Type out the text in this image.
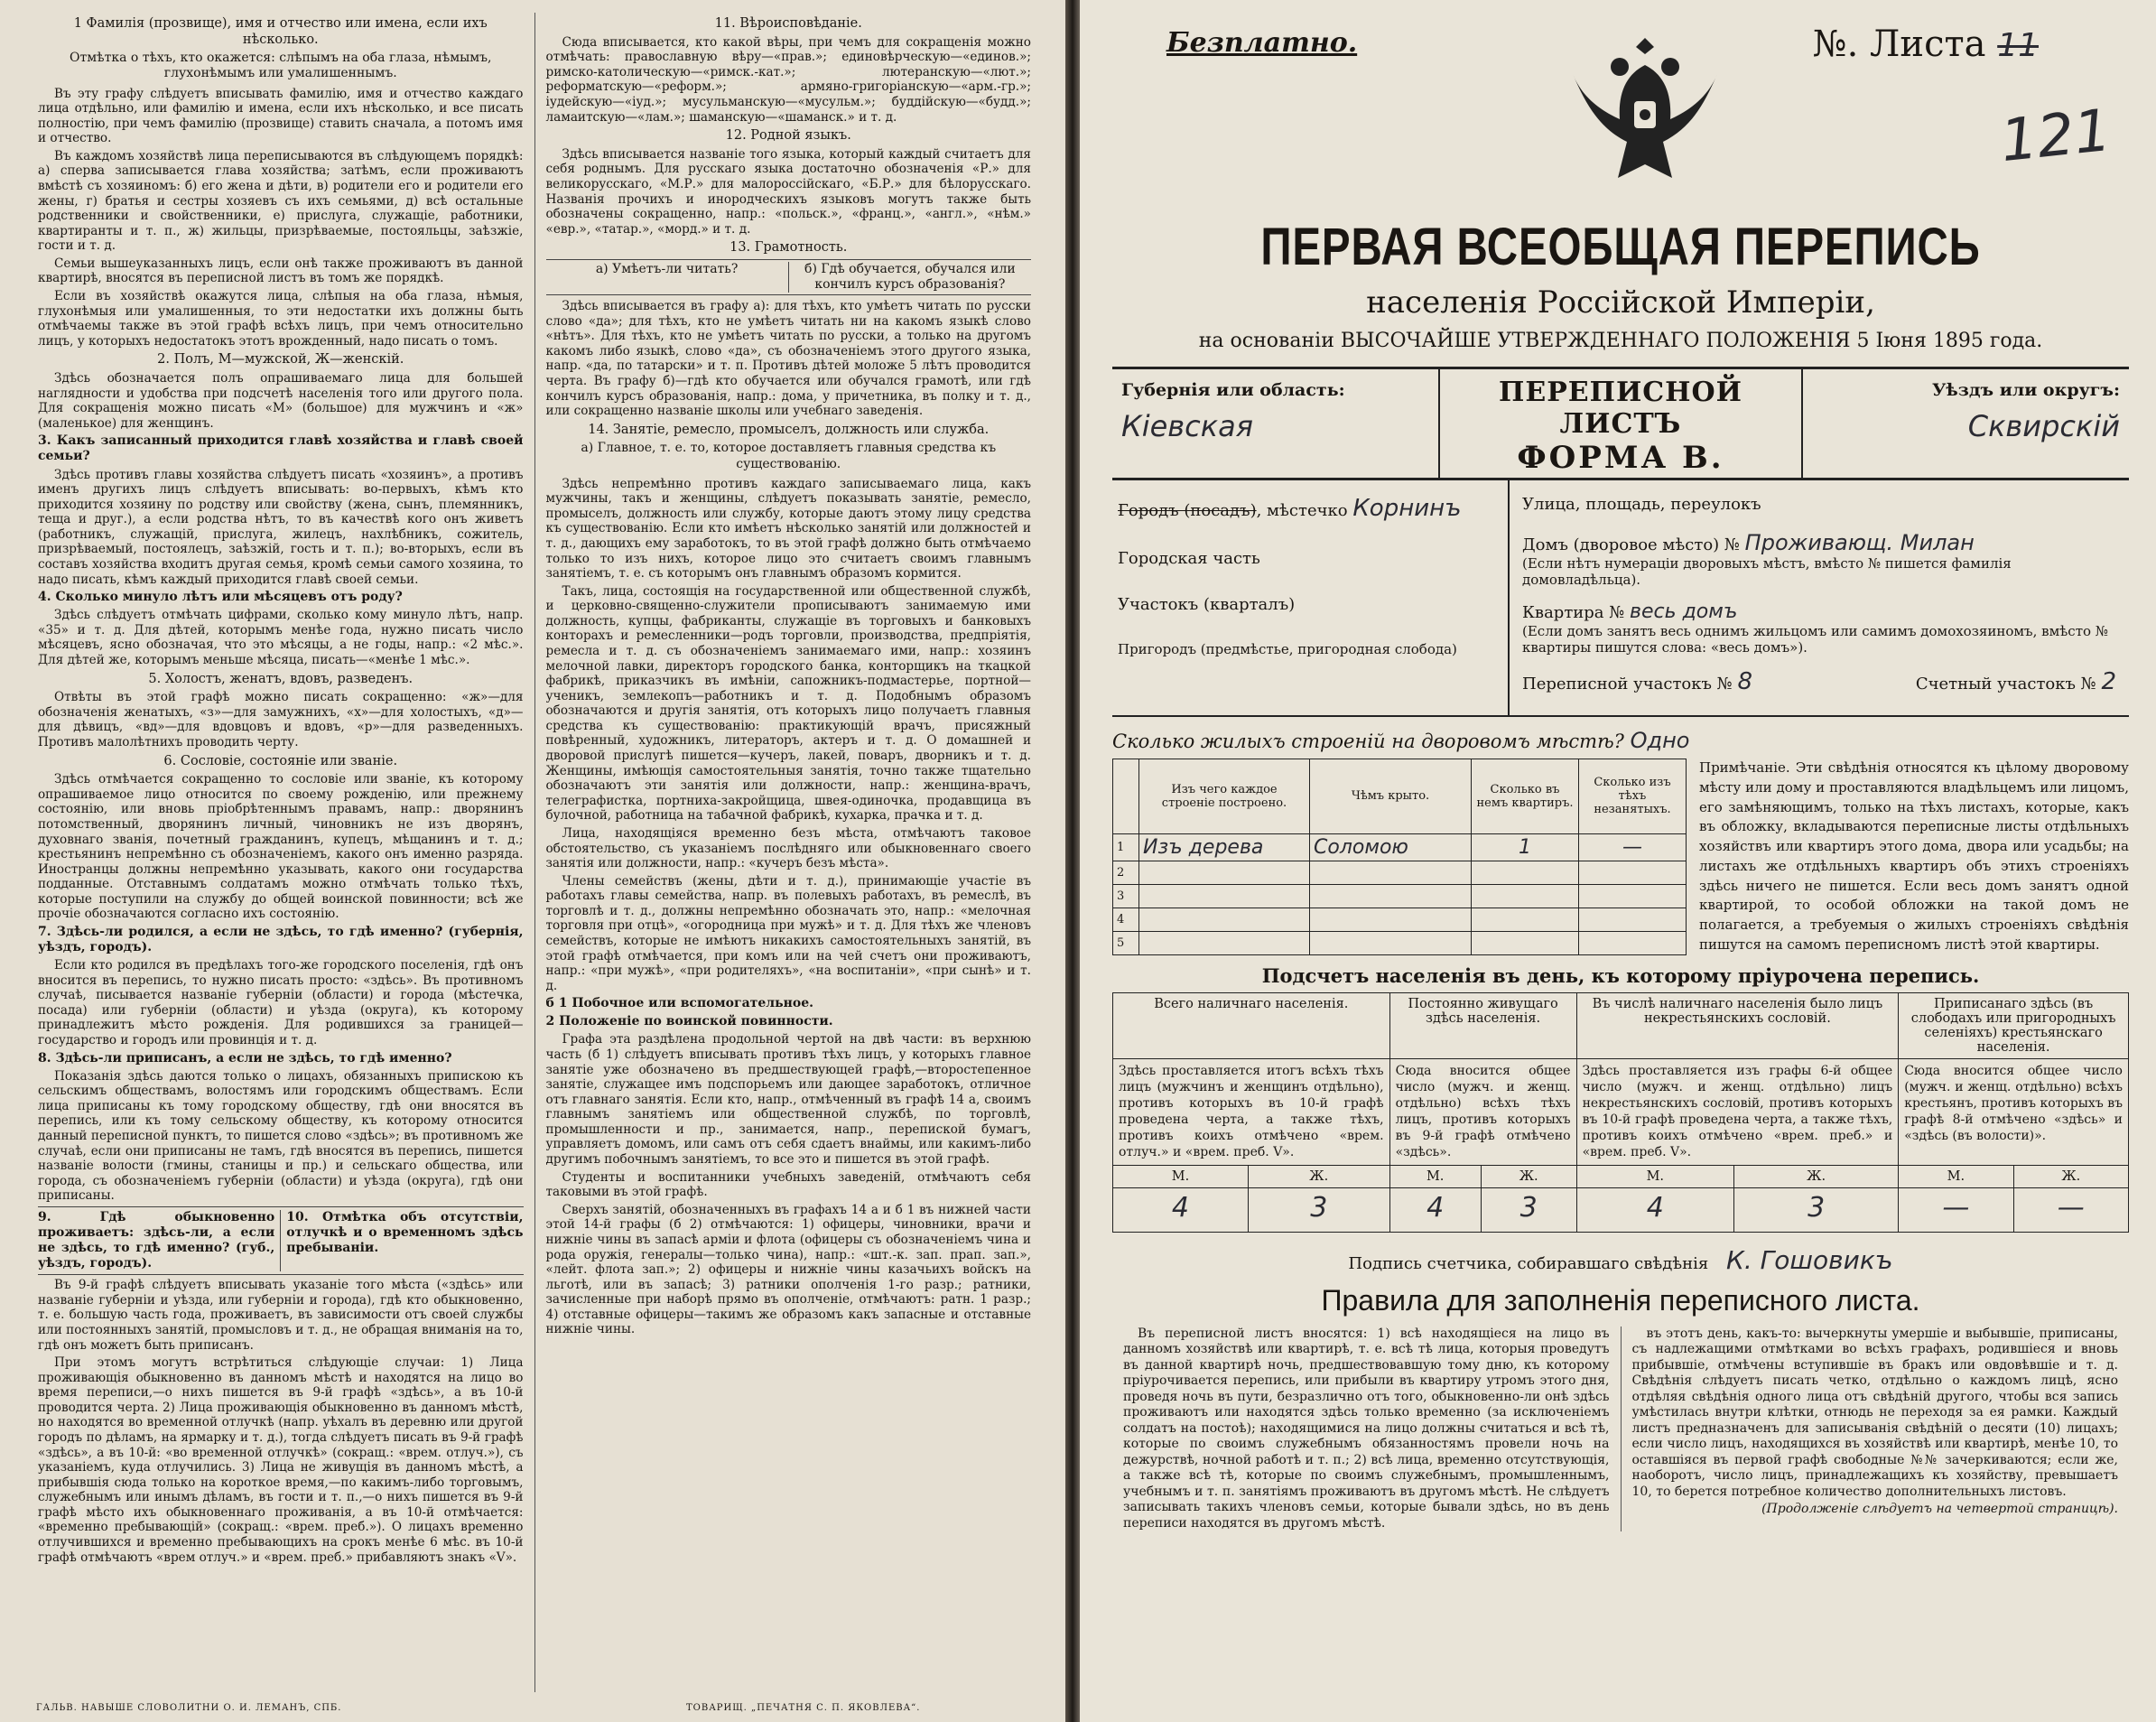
1 Фамилія (прозвище), имя и отчество или имена, если ихъ нѣсколько.
Отмѣтка о тѣхъ, кто окажется: слѣпымъ на оба глаза, нѣмымъ, глухонѣмымъ или умалишеннымъ.

Въ эту графу слѣдуетъ вписывать фамилію, имя и отчество каждаго лица отдѣльно, или фамилію и имена, если ихъ нѣсколько, и все писать полностію, при чемъ фамилію (прозвище) ставить сначала, а потомъ имя и отчество.

Въ каждомъ хозяйствѣ лица переписываются въ слѣдующемъ порядкѣ: а) сперва записывается глава хозяйства; затѣмъ, если проживаютъ вмѣстѣ съ хозяиномъ: б) его жена и дѣти, в) родители его и родители его жены, г) братья и сестры хозяевъ съ ихъ семьями, д) всѣ остальные родственники и свойственники, е) прислуга, служащіе, работники, квартиранты и т. п., ж) жильцы, призрѣваемые, постояльцы, заѣзжіе, гости и т. д.

Семьи вышеуказанныхъ лицъ, если онѣ также проживаютъ въ данной квартирѣ, вносятся въ переписной листъ въ томъ же порядкѣ.

Если въ хозяйствѣ окажутся лица, слѣпыя на оба глаза, нѣмыя, глухонѣмыя или умалишенныя, то эти недостатки ихъ должны быть отмѣчаемы также въ этой графѣ всѣхъ лицъ, при чемъ относительно лицъ, у которыхъ недостатокъ этотъ врожденный, надо писать о томъ.

2. Полъ, М—мужской, Ж—женскій.

Здѣсь обозначается полъ опрашиваемаго лица для большей наглядности и удобства при подсчетѣ населенія того или другого пола. Для сокращенія можно писать «М» (большое) для мужчинъ и «ж» (маленькое) для женщинъ.

3. Какъ записанный приходится главѣ хозяйства и главѣ своей семьи?

Здѣсь противъ главы хозяйства слѣдуетъ писать «хозяинъ», а противъ именъ другихъ лицъ слѣдуетъ вписывать: во-первыхъ, кѣмъ кто приходится хозяину по родству или свойству (жена, сынъ, племянникъ, теща и друг.), а если родства нѣтъ, то въ качествѣ кого онъ живетъ (работникъ, служащій, прислуга, жилецъ, нахлѣбникъ, сожитель, призрѣваемый, постоялецъ, заѣзжій, гость и т. п.); во-вторыхъ, если въ составъ хозяйства входитъ другая семья, кромѣ семьи самого хозяина, то надо писать, кѣмъ каждый приходится главѣ своей семьи.

4. Сколько минуло лѣтъ или мѣсяцевъ отъ роду?

Здѣсь слѣдуетъ отмѣчать цифрами, сколько кому минуло лѣтъ, напр. «35» и т. д. Для дѣтей, которымъ менѣе года, нужно писать число мѣсяцевъ, ясно обозначая, что это мѣсяцы, а не годы, напр.: «2 мѣс.». Для дѣтей же, которымъ меньше мѣсяца, писать—«менѣе 1 мѣс.».

5. Холостъ, женатъ, вдовъ, разведенъ.

Отвѣты въ этой графѣ можно писать сокращенно: «ж»—для обозначенія женатыхъ, «з»—для замужнихъ, «х»—для холостыхъ, «д»—для дѣвицъ, «вд»—для вдовцовъ и вдовъ, «р»—для разведенныхъ. Противъ малолѣтнихъ проводить черту.

6. Сословіе, состояніе или званіе.

Здѣсь отмѣчается сокращенно то сословіе или званіе, къ которому опрашиваемое лицо относится по своему рожденію, или прежнему состоянію, или вновь пріобрѣтеннымъ правамъ, напр.: дворянинъ потомственный, дворянинъ личный, чиновникъ не изъ дворянъ, духовнаго званія, почетный гражданинъ, купецъ, мѣщанинъ и т. д.; крестьянинъ непремѣнно съ обозначеніемъ, какого онъ именно разряда. Иностранцы должны непремѣнно указывать, какого они государства подданные. Отставнымъ солдатамъ можно отмѣчать только тѣхъ, которые поступили на службу до общей воинской повинности; всѣ же прочіе обозначаются согласно ихъ состоянію.

7. Здѣсь-ли родился, а если не здѣсь, то гдѣ именно? (губернія, уѣздъ, городъ).

Если кто родился въ предѣлахъ того-же городского поселенія, гдѣ онъ вносится въ перепись, то нужно писать просто: «здѣсь». Въ противномъ случаѣ, писывается названіе губерніи (области) и города (мѣстечка, посада) или губерніи (области) и уѣзда (округа), къ которому принадлежитъ мѣсто рожденія. Для родившихся за границей—государство и городъ или провинція и т. д.

8. Здѣсь-ли приписанъ, а если не здѣсь, то гдѣ именно?

Показанія здѣсь даются только о лицахъ, обязанныхъ припискою къ сельскимъ обществамъ, волостямъ или городскимъ обществамъ. Если лица приписаны къ тому городскому обществу, гдѣ они вносятся въ перепись, или къ тому сельскому обществу, къ которому относится данный переписной пунктъ, то пишется слово «здѣсь»; въ противномъ же случаѣ, если они приписаны не тамъ, гдѣ вносятся въ перепись, пишется названіе волости (гмины, станицы и пр.) и сельскаго общества, или города, съ обозначеніемъ губерніи (области) и уѣзда (округа), гдѣ они приписаны.

9. Гдѣ обыкновенно проживаетъ: здѣсь-ли, а если не здѣсь, то гдѣ именно? (губ., уѣздъ, городъ).
10. Отмѣтка объ отсутствіи, отлучкѣ и о временномъ здѣсь пребываніи.

Въ 9-й графѣ слѣдуетъ вписывать указаніе того мѣста («здѣсь» или названіе губерніи и уѣзда, или губерніи и города), гдѣ кто обыкновенно, т. е. большую часть года, проживаетъ, въ зависимости отъ своей службы или постоянныхъ занятій, промысловъ и т. д., не обращая вниманія на то, гдѣ онъ можетъ быть приписанъ.

При этомъ могутъ встрѣтиться слѣдующіе случаи: 1) Лица проживающія обыкновенно въ данномъ мѣстѣ и находятся на лицо во время переписи,—о нихъ пишется въ 9-й графѣ «здѣсь», а въ 10-й проводится черта. 2) Лица проживающія обыкновенно въ данномъ мѣстѣ, но находятся во временной отлучкѣ (напр. уѣхалъ въ деревню или другой городъ по дѣламъ, на ярмарку и т. д.), тогда слѣдуетъ писать въ 9-й графѣ «здѣсь», а въ 10-й: «во временной отлучкѣ» (сокращ.: «врем. отлуч.»), съ указаніемъ, куда отлучились. 3) Лица не живущія въ данномъ мѣстѣ, а прибывшія сюда только на короткое время,—по какимъ-либо торговымъ, служебнымъ или инымъ дѣламъ, въ гости и т. п.,—о нихъ пишется въ 9-й графѣ мѣсто ихъ обыкновеннаго проживанія, а въ 10-й отмѣчается: «временно пребывающій» (сокращ.: «врем. преб.»). О лицахъ временно отлучившихся и временно пребывающихъ на срокъ менѣе 6 мѣс. въ 10-й графѣ отмѣчаютъ «врем отлуч.» и «врем. преб.» прибавляютъ знакъ «V».

11. Вѣроисповѣданіе.

Сюда вписывается, кто какой вѣры, при чемъ для сокращенія можно отмѣчать: православную вѣру—«прав.»; единовѣрческую—«единов.»; римско-католическую—«римск.-кат.»; лютеранскую—«лют.»; реформатскую—«реформ.»; армяно-григоріанскую—«арм.-гр.»; іудейскую—«іуд.»; мусульманскую—«мусульм.»; буддійскую—«будд.»; ламаитскую—«лам.»; шаманскую—«шаманск.» и т. д.

12. Родной языкъ.

Здѣсь вписывается названіе того языка, который каждый считаетъ для себя роднымъ. Для русскаго языка достаточно обозначенія «Р.» для великорусскаго, «М.Р.» для малороссійскаго, «Б.Р.» для бѣлорусскаго. Названія прочихъ и инородческихъ языковъ могутъ также быть обозначены сокращенно, напр.: «польск.», «франц.», «англ.», «нѣм.» «евр.», «татар.», «морд.» и т. д.

13. Грамотность.
а) Умѣетъ-ли читать?	б) Гдѣ обучается, обучался или кончилъ курсъ образованія?

Здѣсь вписывается въ графу а): для тѣхъ, кто умѣетъ читать по русски слово «да»; для тѣхъ, кто не умѣетъ читать ни на какомъ языкѣ слово «нѣтъ». Для тѣхъ, кто не умѣетъ читать по русски, а только на другомъ какомъ либо языкѣ, слово «да», съ обозначеніемъ этого другого языка, напр. «да, по татарски» и т. п. Противъ дѣтей моложе 5 лѣтъ проводится черта. Въ графу б)—гдѣ кто обучается или обучался грамотѣ, или гдѣ кончилъ курсъ образованія, напр.: дома, у причетника, въ полку и т. д., или сокращенно названіе школы или учебнаго заведенія.

14. Занятіе, ремесло, промыселъ, должность или служба.
а) Главное, т. е. то, которое доставляетъ главныя средства къ существованію.

Здѣсь непремѣнно противъ каждаго записываемаго лица, какъ мужчины, такъ и женщины, слѣдуетъ показывать занятіе, ремесло, промыселъ, должность или службу, которые даютъ этому лицу средства къ существованію. Если кто имѣетъ нѣсколько занятій или должностей и т. д., дающихъ ему заработокъ, то въ этой графѣ должно быть отмѣчаемо только то изъ нихъ, которое лицо это считаетъ своимъ главнымъ занятіемъ, т. е. съ которымъ онъ главнымъ образомъ кормится.

Такъ, лица, состоящія на государственной или общественной службѣ, и церковно-священно-служители прописываютъ занимаемую ими должность, купцы, фабриканты, служащіе въ торговыхъ и банковыхъ конторахъ и ремесленники—родъ торговли, производства, предпріятія, ремесла и т. д. съ обозначеніемъ занимаемаго ими, напр.: хозяинъ мелочной лавки, директоръ городского банка, конторщикъ на ткацкой фабрикѣ, приказчикъ въ имѣніи, сапожникъ-подмастерье, портной—ученикъ, землекопъ—работникъ и т. д. Подобнымъ образомъ обозначаются и другія занятія, отъ которыхъ лицо получаетъ главныя средства къ существованію: практикующій врачъ, присяжный повѣренный, художникъ, литераторъ, актеръ и т. д. О домашней и дворовой прислугѣ пишется—кучеръ, лакей, поваръ, дворникъ и т. д. Женщины, имѣющія самостоятельныя занятія, точно также тщательно обозначаютъ эти занятія или должности, напр.: женщина-врачъ, телеграфистка, портниха-закройщица, швея-одиночка, продавщица въ булочной, работница на табачной фабрикѣ, кухарка, прачка и т. д.

Лица, находящіяся временно безъ мѣста, отмѣчаютъ таковое обстоятельство, съ указаніемъ послѣдняго или обыкновеннаго своего занятія или должности, напр.: «кучеръ безъ мѣста».

Члены семействъ (жены, дѣти и т. д.), принимающіе участіе въ работахъ главы семейства, напр. въ полевыхъ работахъ, въ ремеслѣ, въ торговлѣ и т. д., должны непремѣнно обозначать это, напр.: «мелочная торговля при отцѣ», «огородница при мужѣ» и т. д. Для тѣхъ же членовъ семействъ, которые не имѣютъ никакихъ самостоятельныхъ занятій, въ этой графѣ отмѣчается, при комъ или на чей счетъ они проживаютъ, напр.: «при мужѣ», «при родителяхъ», «на воспитаніи», «при сынѣ» и т. д.

б 1 Побочное или вспомогательное.
2 Положеніе по воинской повинности.

Графа эта раздѣлена продольной чертой на двѣ части: въ верхнюю часть (б 1) слѣдуетъ вписывать противъ тѣхъ лицъ, у которыхъ главное занятіе уже обозначено въ предшествующей графѣ,—второстепенное занятіе, служащее имъ подспорьемъ или дающее заработокъ, отличное отъ главнаго занятія. Если кто, напр., отмѣченный въ графѣ 14 а, своимъ главнымъ занятіемъ или общественной службѣ, по торговлѣ, промышленности и пр., занимается, напр., перепиской бумагъ, управляетъ домомъ, или самъ отъ себя сдаетъ внаймы, или какимъ-либо другимъ побочнымъ занятіемъ, то все это и пишется въ этой графѣ.

Студенты и воспитанники учебныхъ заведеній, отмѣчаютъ себя таковыми въ этой графѣ.

Сверхъ занятій, обозначенныхъ въ графахъ 14 а и б 1 въ нижней части этой 14-й графы (б 2) отмѣчаются: 1) офицеры, чиновники, врачи и нижніе чины въ запасѣ арміи и флота (офицеры съ обозначеніемъ чина и рода оружія, генералы—только чина), напр.: «шт.-к. зап. прап. зап.», «лейт. флота зап.»; 2) офицеры и нижніе чины казачьихъ войскъ на льготѣ, или въ запасѣ; 3) ратники ополченія 1-го разр.; ратники, зачисленные при наборѣ прямо въ ополченіе, отмѣчаютъ: ратн. 1 разр.; 4) отставные офицеры—такимъ же образомъ какъ запасные и отставные нижніе чины.

ГАЛЬВ. НАВЫШЕ СЛОВОЛИТНИ О. И. ЛЕМАНЪ, СПБ.	ТОВАРИЩ. „ПЕЧАТНЯ С. П. ЯКОВЛЕВА“.
Безплатно.	№. Листа 11
121
ПЕРВАЯ ВСЕОБЩАЯ ПЕРЕПИСЬ
населенія Россійской Имперіи,
на основаніи ВЫСОЧАЙШЕ УТВЕРЖДЕННАГО ПОЛОЖЕНІЯ 5 Іюня 1895 года.
Губернія или область:
Кіевская
ПЕРЕПИСНОЙ ЛИСТЪ
ФОРМА В.
Уѣздъ или округъ:
Сквирскій
Городъ (посадъ), мѣстечко Корнинъ
Городская часть
Участокъ (кварталъ)
Пригородъ (предмѣстье, пригородная слобода)
Улица, площадь, переулокъ
Домъ (дворовое мѣсто) № Проживающ. Милан
(Если нѣтъ нумераціи дворовыхъ мѣстъ, вмѣсто № пишется фамилія домовладѣльца).
Квартира № весь домъ
(Если домъ занятъ весь однимъ жильцомъ или самимъ домохозяиномъ, вмѣсто № квартиры пишутся слова: «весь домъ»).
Переписной участокъ № 8	Счетный участокъ № 2
Сколько жилыхъ строеній на дворовомъ мѣстѣ? Одно
	Изъ чего каждое строеніе построено.	Чѣмъ крыто.	Сколько въ немъ квартиръ.	Сколько изъ тѣхъ незанятыхъ.
1	Изъ дерева	Соломою	1	—
2				
3				
4				
5				
Примѣчаніе. Эти свѣдѣнія относятся къ цѣлому дворовому мѣсту или дому и проставляются владѣльцемъ или лицомъ, его замѣняющимъ, только на тѣхъ листахъ, которые, какъ въ обложку, вкладываются переписные листы отдѣльныхъ хозяйствъ или квартиръ этого дома, двора или усадьбы; на листахъ же отдѣльныхъ квартиръ объ этихъ строеніяхъ здѣсь ничего не пишется. Если весь домъ занятъ одной квартирой, то особой обложки на такой домъ не полагается, а требуемыя о жилыхъ строеніяхъ свѣдѣнія пишутся на самомъ переписномъ листѣ этой квартиры.
Подсчетъ населенія въ день, къ которому пріурочена перепись.
Всего наличнаго населенія.		Постоянно живущаго здѣсь населенія.		Въ числѣ наличнаго населенія было лицъ некрестьянскихъ сословій.		Приписанаго здѣсь (въ слободахъ или пригородныхъ селеніяхъ) крестьянскаго населенія.	
Здѣсь проставляется итогъ всѣхъ тѣхъ лицъ (мужчинъ и женщинъ отдѣльно), противъ которыхъ въ 10-й графѣ проведена черта, а также тѣхъ, противъ коихъ отмѣчено «врем. отлуч.» и «врем. преб. V».		Сюда вносится общее число (мужч. и женщ. отдѣльно) всѣхъ тѣхъ лицъ, противъ которыхъ въ 9-й графѣ отмѣчено «здѣсь».		Здѣсь проставляется изъ графы 6-й общее число (мужч. и женщ. отдѣльно) лицъ некрестьянскихъ сословій, противъ которыхъ въ 10-й графѣ проведена черта, а также тѣхъ, противъ коихъ отмѣчено «врем. преб.» и «врем. преб. V».		Сюда вносится общее число (мужч. и женщ. отдѣльно) всѣхъ крестьянъ, противъ которыхъ въ графѣ 8-й отмѣчено «здѣсь» и «здѣсь (въ волости)».	
М.	Ж.	М.	Ж.	М.	Ж.	М.	Ж.
4	3	4	3	4	3	—	—
Подпись счетчика, собиравшаго свѣдѣнія К. Гошовикъ
Правила для заполненія переписного листа.

Въ переписной листъ вносятся: 1) всѣ находящіеся на лицо въ данномъ хозяйствѣ или квартирѣ, т. е. всѣ тѣ лица, которыя проведутъ въ данной квартирѣ ночь, предшествовавшую тому дню, къ которому пріурочивается перепись, или прибыли въ квартиру утромъ этого дня, проведя ночь въ пути, безразлично отъ того, обыкновенно-ли онѣ здѣсь проживаютъ или находятся здѣсь только временно (за исключеніемъ солдатъ на постоѣ); находящимися на лицо должны считаться и всѣ тѣ, которые по своимъ служебнымъ обязанностямъ провели ночь на дежурствѣ, ночной работѣ и т. п.; 2) всѣ лица, временно отсутствующія, а также всѣ тѣ, которые по своимъ служебнымъ, промышленнымъ, учебнымъ и т. п. занятіямъ проживаютъ въ другомъ мѣстѣ. Не слѣдуетъ записывать такихъ членовъ семьи, которые бывали здѣсь, но въ день переписи находятся въ другомъ мѣстѣ.

въ этотъ день, какъ-то: вычеркнуты умершіе и выбывшіе, приписаны, съ надлежащими отмѣтками во всѣхъ графахъ, родившіеся и вновь прибывшіе, отмѣчены вступившіе въ бракъ или овдовѣвшіе и т. д. Свѣдѣнія слѣдуетъ писать четко, отдѣльно о каждомъ лицѣ, ясно отдѣляя свѣдѣнія одного лица отъ свѣдѣній другого, чтобы вся запись умѣстилась внутри клѣтки, отнюдь не переходя за ея рамки. Каждый листъ предназначенъ для записыванія свѣдѣній о десяти (10) лицахъ; если число лицъ, находящихся въ хозяйствѣ или квартирѣ, менѣе 10, то оставшіяся въ первой графѣ свободные №№ зачеркиваются; если же, наоборотъ, число лицъ, принадлежащихъ къ хозяйству, превышаетъ 10, то берется потребное количество дополнительныхъ листовъ.

(Продолженіе слѣдуетъ на четвертой страницѣ).
